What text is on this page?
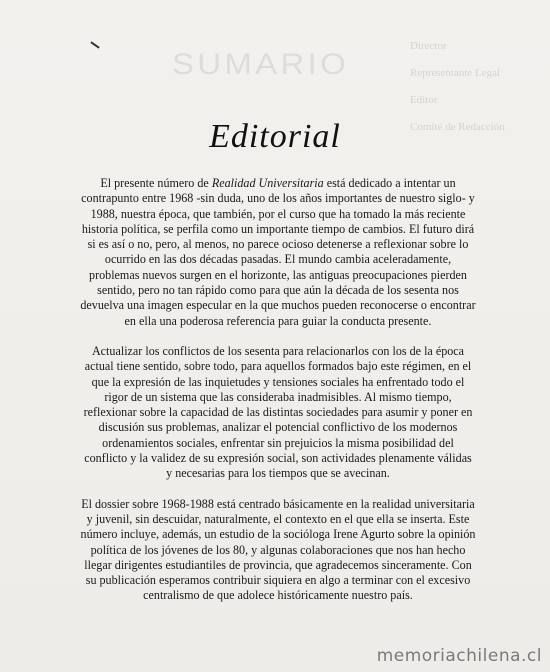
SUMARIO
Director
Representante Legal
Editor
Comité de Redacción
Editorial

El presente número de Realidad Universitaria está dedicado a intentar un contrapunto entre 1968 -sin duda, uno de los años importantes de nuestro siglo- y 1988, nuestra época, que también, por el curso que ha tomado la más reciente historia política, se perfila como un importante tiempo de cambios. El futuro dirá si es así o no, pero, al menos, no parece ocioso detenerse a reflexionar sobre lo ocurrido en las dos décadas pasadas. El mundo cambia aceleradamente, problemas nuevos surgen en el horizonte, las antiguas preocupaciones pierden sentido, pero no tan rápido como para que aún la década de los sesenta nos devuelva una imagen especular en la que muchos pueden reconocerse o encontrar en ella una poderosa referencia para guiar la conducta presente.

Actualizar los conflictos de los sesenta para relacionarlos con los de la época actual tiene sentido, sobre todo, para aquellos formados bajo este régimen, en el que la expresión de las inquietudes y tensiones sociales ha enfrentado todo el rigor de un sistema que las consideraba inadmisibles. Al mismo tiempo, reflexionar sobre la capacidad de las distintas sociedades para asumir y poner en discusión sus problemas, analizar el potencial conflictivo de los modernos ordenamientos sociales, enfrentar sin prejuicios la misma posibilidad del conflicto y la validez de su expresión social, son actividades plenamente válidas y necesarias para los tiempos que se avecinan.

El dossier sobre 1968-1988 está centrado básicamente en la realidad universitaria y juvenil, sin descuidar, naturalmente, el contexto en el que ella se inserta. Este número incluye, además, un estudio de la socióloga Irene Agurto sobre la opinión política de los jóvenes de los 80, y algunas colaboraciones que nos han hecho llegar dirigentes estudiantiles de provincia, que agradecemos sinceramente. Con su publicación esperamos contribuir siquiera en algo a terminar con el excesivo centralismo de que adolece históricamente nuestro país.

memoriachilena.cl
